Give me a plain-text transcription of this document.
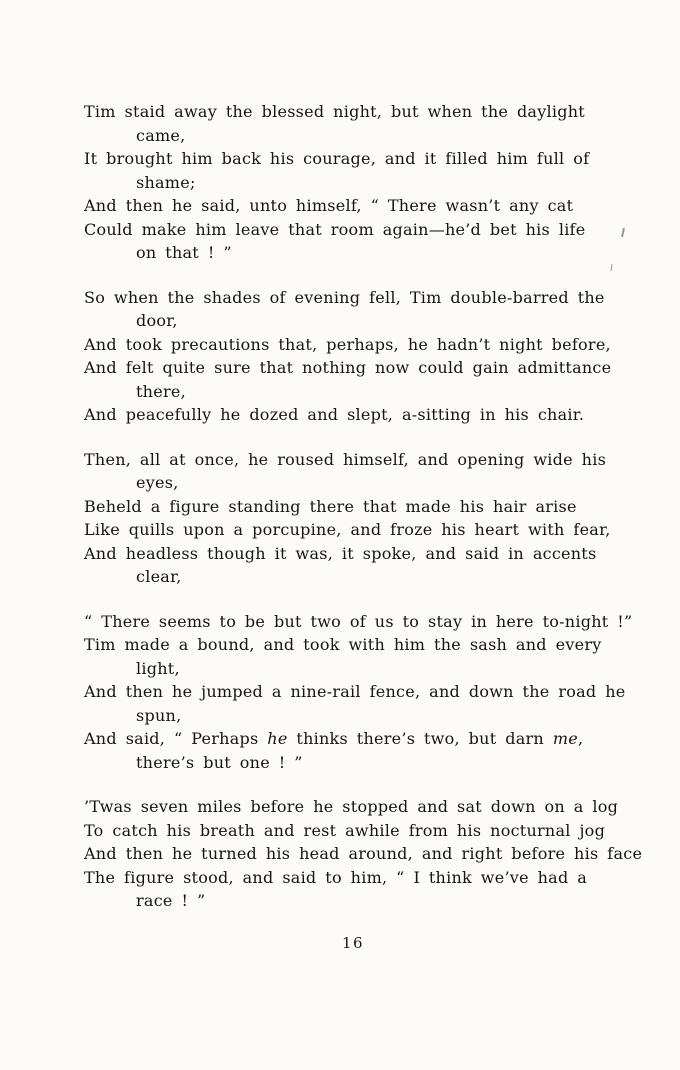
Tim staid away the blessed night, but when the daylight
came,
It brought him back his courage, and it filled him full of
shame;
And then he said, unto himself, “ There wasn’t any cat
Could make him leave that room again—he’d bet his life
on that ! ”
So when the shades of evening fell, Tim double-barred the
door,
And took precautions that, perhaps, he hadn’t night before,
And felt quite sure that nothing now could gain admittance
there,
And peacefully he dozed and slept, a-sitting in his chair.
Then, all at once, he roused himself, and opening wide his
eyes,
Beheld a figure standing there that made his hair arise
Like quills upon a porcupine, and froze his heart with fear,
And headless though it was, it spoke, and said in accents
clear,
“ There seems to be but two of us to stay in here to-night !”
Tim made a bound, and took with him the sash and every
light,
And then he jumped a nine-rail fence, and down the road he
spun,
And said, “ Perhaps he thinks there’s two, but darn me,
there’s but one ! ”
’Twas seven miles before he stopped and sat down on a log
To catch his breath and rest awhile from his nocturnal jog
And then he turned his head around, and right before his face
The figure stood, and said to him, “ I think we’ve had a
race ! ”
16
